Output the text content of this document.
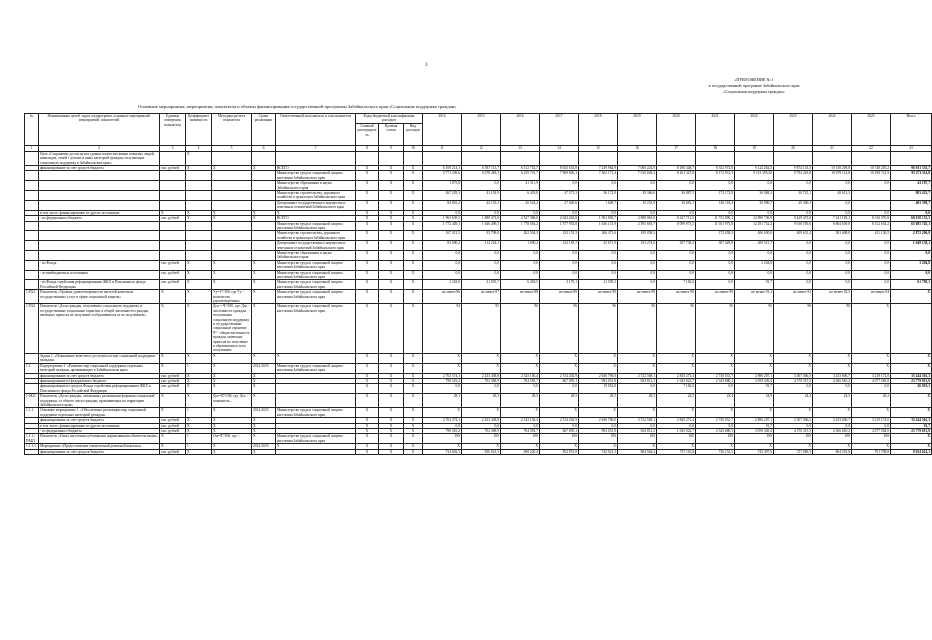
3
«ПРИЛОЖЕНИЕ № 1
к государственной программе Забайкальского края
«Социальная поддержка граждан»
Основные мероприятия, мероприятия, показатели и объемы финансирования государственной программы Забайкальского края «Социальная поддержка граждан»
№	Наименование целей, задач, подпрограмм, основных мероприятий, мероприятий, показателей	Единица измерения показателя	Коэффициент значимости	Методика расчета показателя	Сроки реализации	Ответственный исполнитель и соисполнители	Коды бюджетной классификации расходов			2014	2015	2016	2017	2018	2019	2020	2021	2022	2023	2024	2025	Итого
							Главный распорядитель	Целевая статья	Вид расходов													
1	2	3	4	5	6	7	8	9	10	11	12	13	14	15	16	17	18	19	20	21	22	23
	Цель «Сохранение достигнутых уровня и качества жизни пожилых людей, инвалидов, семей с детьми и иных категорий граждан, получающих социальную поддержку в Забайкальском крае»		X																			
	финансирование за счет средств бюджета	тыс. рублей	X	X	X	ВСЕГО	X	X	X	6 169 214,1	6 587 113,7	6 512 752,7	8 043 633,8	7 239 964,9	7 060 224,9	8 296 348,7	8 352 972,8	9 122 262,5	9 874 143,5	10 158 209,8	10 748 203,2	96 031 335,7
						Министерство труда и социальной защиты населения Забайкальского края	X	X	X	5 771 309,6	6 078 483,3	6 259 701,7	7 969 826,1	7 302 171,4	7 010 604,3	8 261 347,8	8 172 951,3	9 113 395,30	9 794 443,8	10 078 112,8	10 198 741,9	95 271 114,8
						Министерство образования и науки Забайкальского края	X	X	X	1 875,8	0,0	41 311,9	0,0	0,0	0,0	0,0	0,0	0,0	0,0	0,0	0,0	43 187,7
						Министерство строительства, дорожного хозяйства и транспорта Забайкальского края	X	X	X	267 229,3	41 102,9	6 418,8	47 571,3	36 172,9	39 366,0	36 887,5	173 172,9	36 948,2	30 721,1	40 613,3		983 433,7
						Департамент государственного имущества и земельных отношений Забайкальского края	X	X	X	84 801,2	42 135,3	26 524,2	27 026,6	1 600,7	10 253,9	36 681,1	146 118,2	30 990,7	29 360,3	0,0		403 399,7
	в том числе, финансирование из других источников:	X	X	X	X	X	X	X	X	0,0	0,0	0,0	0,0	0,0	0,0	0,0	0,0	0,0	0,0	0,0	0,0	0,0
	- из федерального бюджета	тыс. рублей	X	X	X	ВСЕГО	X	X	X	1 963 639,5	1 888 473,0	2 337 386,0	2 043 263,8	1 991 805,7	2 898 063,0	8 427 711,5	11 752 890,1	12 898 736,9	9 429 473,0	7 241 183,2	8 316 070,8	68 018 153,3
						Министерство труда и социальной защиты населения Забайкальского края	X	X	X	1 772 449,1	1 646 499,3	1 778 563,2	1 577 955,8	1 636 151,9	2 595 681,7	8 099 973,3	11 051 975,8	12 291 732,2	9 018 559,6	6 864 659,8	8 312 654,2	65 685 745,1
						Министерство строительства, дорожного хозяйства и транспорта Забайкальского края	X	X	X	107 313,5	95 798,8	202 504,3	333 153,3	266 471,6	109 058,3		172 658,3	406 630,0	409 631,4	381 608,0	411 136,5	2 872 206,9
						Департамент государственного имущества и земельных отношений Забайкальского края	X	X	X	83 690,2	114 224,1	1 690,2	132 183,7	25 671,9	193 274,0	307 738,2	507 429,8	200 515,7	0,0	0,0	0,0	1 649 138,1
						Министерство образования и науки Забайкальского края	X	X	X	0,0	0,0	0,0	0,0	0,0	0,0	0,0	0,0	0,0	0,0	0,0	0,0	0,0
	- из Фонда	тыс. рублей	X	X	X	Министерство труда и социальной защиты населения Забайкальского края	X	X	X	0,0	0,0	0,0	0,0	0,0	0,0	0,0	0,0	3 204,8	0,0	0,0	0,0	3 204,8
	- из внебюджетных источников	тыс. рублей	X	X	X	Министерство труда и социальной защиты населения Забайкальского края	X	X	X	0,0	0,0	0,0	0,0	0,0	0,0	0,0	0,0	0,0	0,0	0,0	0,0	0,0
	- из Фонда содействия реформированию ЖКХ и Пенсионного фонда Российской Федерации	тыс. рублей	X	X	X	Министерство труда и социальной защиты населения Забайкальского края	X	X	X	3 343,6	21 935,7	6 418,5	3 170,1	21 505,3	0,0	7 182,6	0,0	91,7	0,0	0,0	0,0	61 780,1
1-П21	Показатель «Уровень удовлетворенности жителей качеством государственных услуг в сфере социальной защиты»	%	X	Уу=У°/100, где Уу - количество удовлетворенных	X	Министерство труда и социальной защиты населения Забайкальского края	X	X	X	не менее 86	не менее 87	не менее 88	не менее 89	не менее 90	не менее 90	не менее 90	не менее 90	не менее 91,3	не менее 92	не менее 92,5	не менее 94	X
1-П22	Показатель «Доля граждан, получивших социальную поддержку и государственные социальные гарантии, в общей численности граждан, имеющих право на их получение и обратившихся за их получением»	%	X	Дсп = Ч°/100, где: Дсп - численность граждан, получивших социальную поддержку и государственные социальные гарантии; Ч° - общая численность граждан, имеющих право на их получение и обратившихся за их получением	X	Министерство труда и социальной защиты населения Забайкальского края	X	X	X	94	95	96	96	96	96	96	96	96	98	98	X	
	Задача 1. «Повышение качества и доступности мер социальной поддержки граждан»	X	X	X	X	X	X	X	X	X	X	X	X	X	X	X	X	X	X	X	X	X
1.1.	Подпрограмма 1. «Развитие мер социальной поддержки отдельных категорий граждан, проживающих в Забайкальском крае»	X	1	X	2014-2025	Министерство труда и социальной защиты населения Забайкальского края	X	X	X	X	X	X	X	X	X	X	X	X	X	X	X	X
	финансирование за счет средств бюджета	тыс. рублей	X	X	X		X	X	X	2 702 374,1	2 433 438,8	2 343 136,4	2 514 202,9	2 636 796,0	2 722 568,1	2 845 271,4	2 730 031,7	2 886 207,1	3 307 366,5	3 433 606,7	3 219 172,0	33 244 561,3
	финансирование из федерального бюджета	тыс. рублей	X	X	X		X	X	X	798 316,2	702 368,9	704 583,7	667 095,1	992 031,8	654 812,3	1 043 022,7	2 343 680,1	3 059 349,4	4 370 315,5	4 366 665,2	4 077 582,0	23 779 813,9
	финансирование из средств Фонда содействия реформированию ЖКХ и Пенсионного фонда Российской Федерации	тыс. рублей	X	X	X		X	X	X	0,0	0,0	0,0	0,0	19 852,8	0,0	7 182,6	0,0	91,7	0,0	0,0	0,0	26 910,1
1-М21	Показатель «Доля граждан, охваченных различными формами социальной поддержки, от общего числа граждан, проживающих на территории Забайкальского края»	%	X	Дох=П°/100, где: Дох - показатель...	X		X	X	X	28,1	28,3	28,5	28,5	28,5	28,5	24,5	23,4	24,9	24,4	24,5	26,2	X
1.1.1.	Основное мероприятие 1. «Обеспечение реализации мер социальной поддержки отдельных категорий граждан»	X	1	X	2014-2025	Министерство труда и социальной защиты населения Забайкальского края	X	X	X	X	X	X	X	X	X	X	X	X	X	X	X	X
	финансирование за счет средств бюджета	тыс. рублей	X	X	X		X	X	X	2 702 374,1	2 433 438,8	2 343 136,4	2 514 202,9	2 636 796,0	2 722 568,1	2 845 271,4	2 730 031,7	2 886 207,1	3 307 366,5	3 433 606,7	3 219 172,0	33 244 561,3
	в том числе, финансирование из других источников:	тыс. рублей	X	X	X		X	X	X	0,0	0,0	0,0	0,0	0,0	0,0	0,0	0,0	91,7	0,0	0,0	0,0	91,7
	- из федерального бюджета	тыс. рублей	X	X	X		X	X	X	798 316,2	702 368,9	704 583,7	667 095,1	992 031,8	654 812,3	1 043 022,7	2 343 680,1	3 059 349,4	4 370 315,5	4 366 665,2	4 077 582,0	23 779 813,9
1.1.1.-ПМ21	Показатель «Охват населения публичными нормативными обязательствами»	%	1	Ом=Ч°/100, где ...	X	Министерство труда и социальной защиты населения Забайкальского края	X	X	X	100	100	100	100	100	100	100	100	100	100	100	100	X
1.1.1.1.	Мероприятие «Предоставление ежемесячной денежной выплаты»	X	1	X	2014-2025	X	X	X	X	X	X	X	X	X	X	X	X	X	X	X	X	X
	финансирование за счет средств бюджета	тыс. рублей	X	X	X		X	X	X	734 692,5	836 941,3	698 220,4	852 951,0	742 921,3	804 564,4	737 116,8	736 152,3	745 497,6	757 969,3	804 591,8	791 798,8	9 034 614,1
